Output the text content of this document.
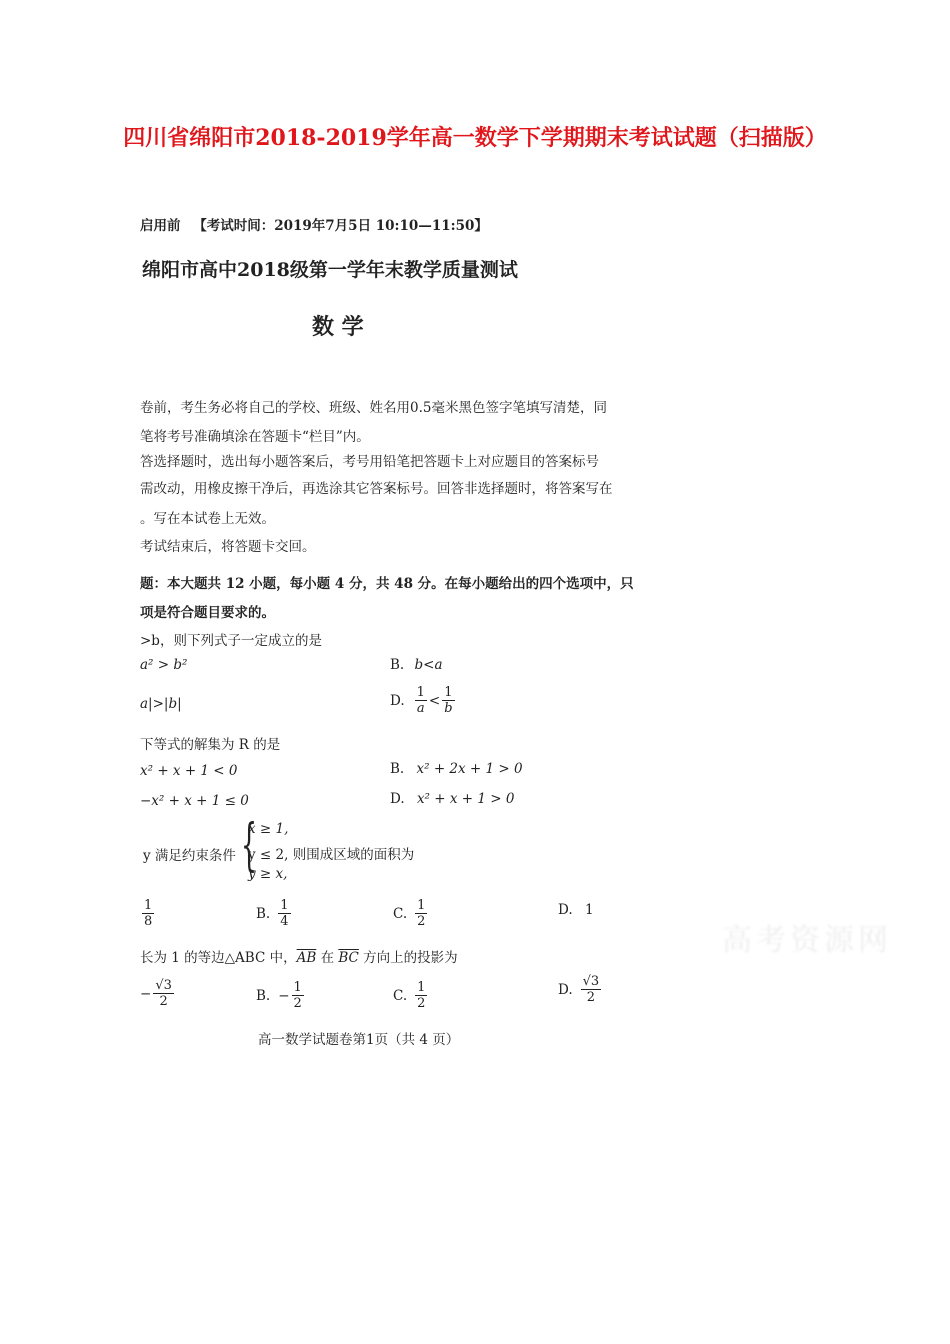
四川省绵阳市2018-2019学年高一数学下学期期末考试试题（扫描版）
启用前 【考试时间：2019年7月5日 10:10—11:50】
绵阳市高中2018级第一学年末教学质量测试
数 学
卷前，考生务必将自己的学校、班级、姓名用0.5毫米黑色签字笔填写清楚，同
笔将考号准确填涂在答题卡“栏目”内。
答选择题时，选出每小题答案后，考号用铅笔把答题卡上对应题目的答案标号
需改动，用橡皮擦干净后，再选涂其它答案标号。回答非选择题时，将答案写在
。写在本试卷上无效。
考试结束后，将答题卡交回。
题：本大题共 12 小题，每小题 4 分，共 48 分。在每小题给出的四个选项中，只
项是符合题目要求的。
>b，则下列式子一定成立的是
a² > b²	B. b<a
a|>|b|	D. $\frac{1}{a} < \frac{1}{b}$
下等式的解集为 R 的是
x² + x + 1 < 0	B. x² + 2x + 1 > 0
−x² + x + 1 ≤ 0	D. x² + x + 1 > 0
y 满足约束条件 {
x ≥ 1,
y ≤ 2, 则围成区域的面积为
y ≥ x,
$\frac{1}{8}$	B. $\frac{1}{4}$	C. $\frac{1}{2}$	D. 1
长为 1 的等边△ABC 中，$\overline{AB}$ 在 $\overline{BC}$ 方向上的投影为
− $\frac{√3}{2}$	B. − $\frac{1}{2}$	C. $\frac{1}{2}$	D. $\frac{√3}{2}$
高一数学试题卷第1页（共 4 页）
高考资源网
